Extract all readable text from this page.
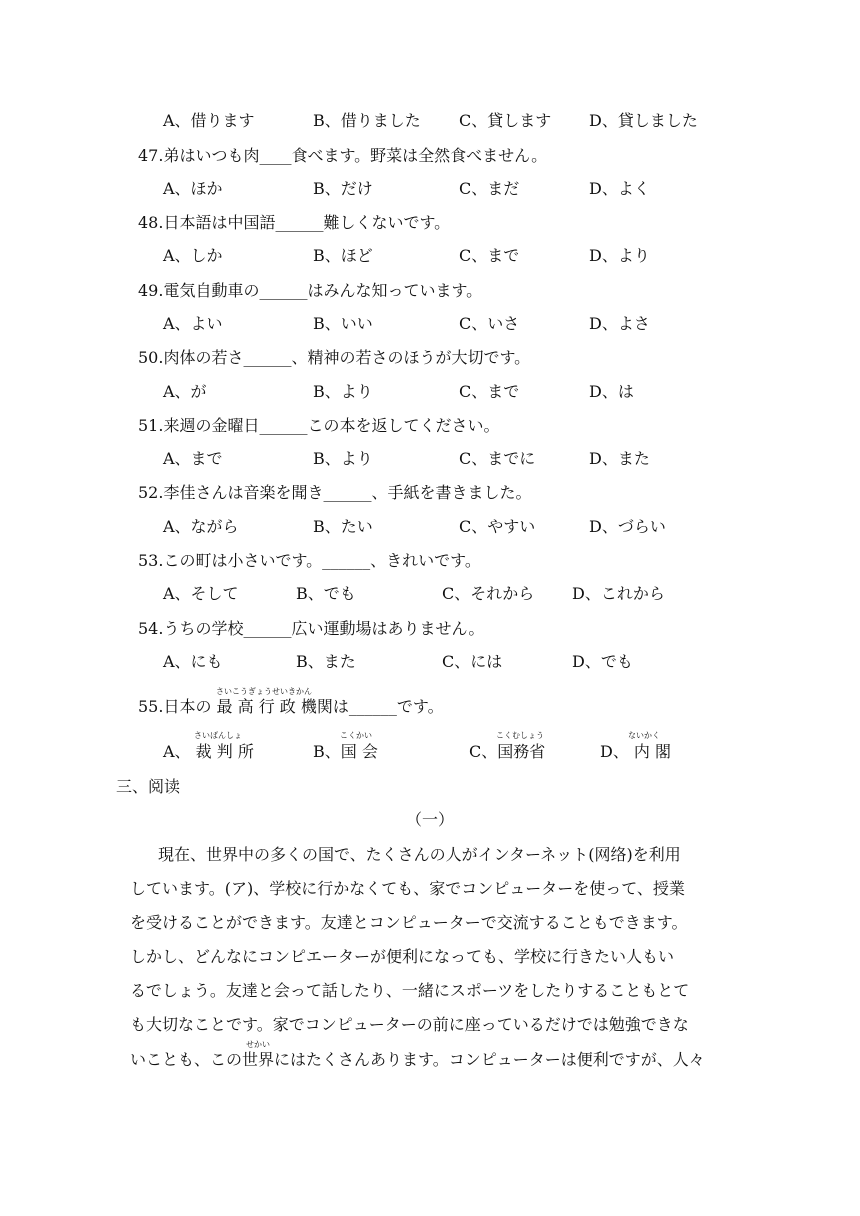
A、借ります	B、借りました C、貸します D、貸しました
47.弟はいつも肉____食べます。野菜は全然食べません。
A、ほか	B、だけ	C、まだ	D、よく
48.日本語は中国語______難しくないです。
A、しか	B、ほど	C、まで	D、より
49.電気自動車の______はみんな知っています。
A、よい	B、いい	C、いさ	D、よさ
50.肉体の若さ______、精神の若さのほうが大切です。
A、が	B、より	C、まで	D、は
51.来週の金曜日______この本を返してください。
A、まで	B、より	C、までに	D、また
52.李佳さんは音楽を聞き______、手紙を書きました。
A、ながら	B、たい	C、やすい	D、づらい
53.この町は小さいです。______、きれいです。
A、そして	B、でも	C、それから D、これから
54.うちの学校______広い運動場はありません。
A、にも	B、また	C、には	D、でも
さいこうぎょうせいきかん
55.日本の 最 高 行 政 機関は______です。
さいばんしょ	こくかい	こくむしょう	ないかく
A、 裁 判 所	B、国 会	C、国務省	D、 内 閣
三、阅读
（一）
現在、世界中の多くの国で、たくさんの人がインターネット(网络)を利用
しています。(ア)、学校に行かなくても、家でコンピューターを使って、授業
を受けることができます。友達とコンピューターで交流することもできます。
しかし、どんなにコンピエーターが便利になっても、学校に行きたい人もい
るでしょう。友達と会って話したり、一緒にスポーツをしたりすることもとて
も大切なことです。家でコンピューターの前に座っているだけでは勉強できな
せかい
いことも、この世界にはたくさんあります。コンピューターは便利ですが、人々
